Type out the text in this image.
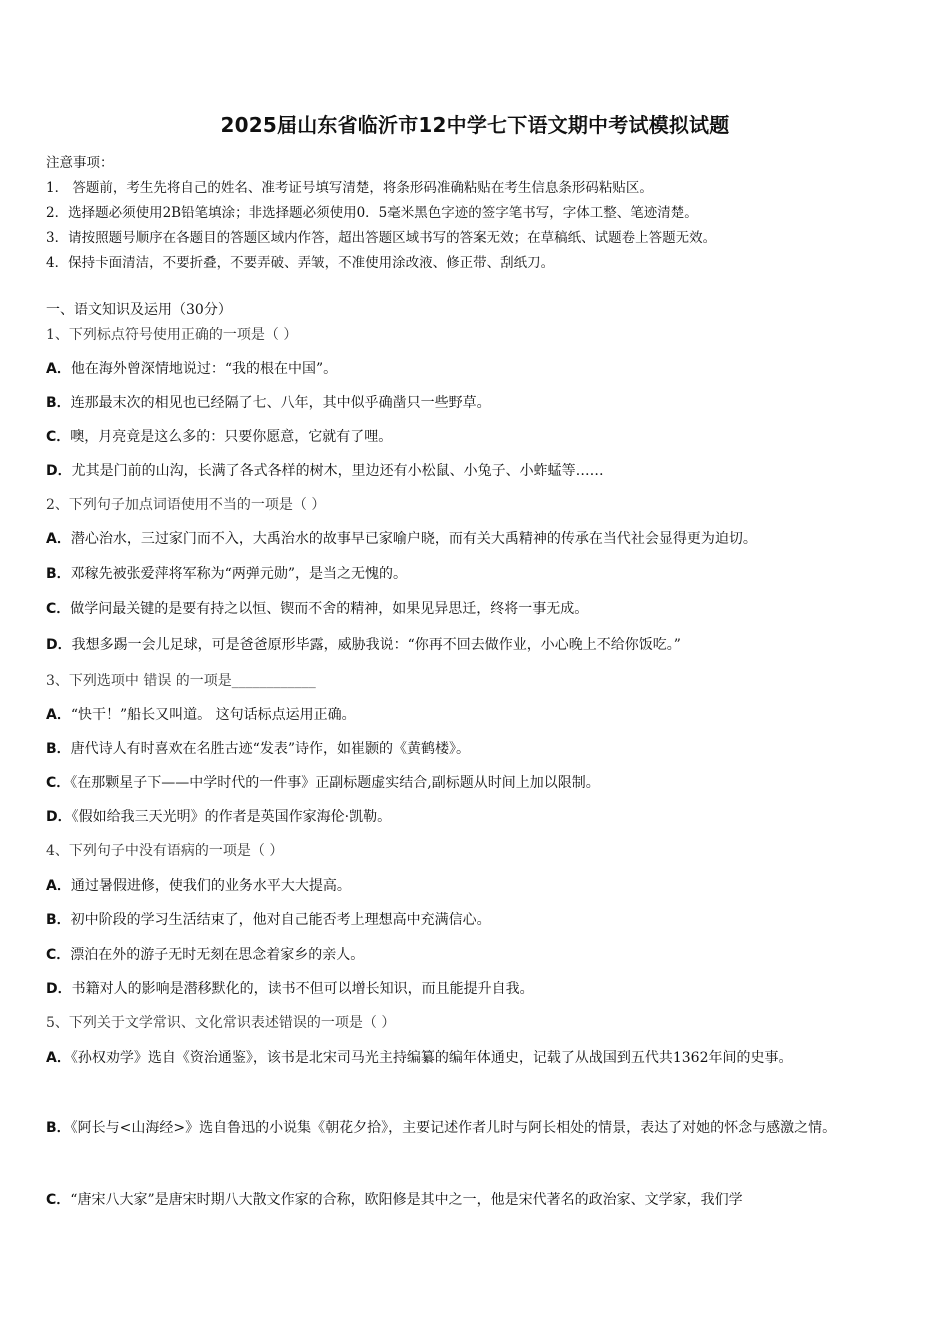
2025届山东省临沂市12中学七下语文期中考试模拟试题
注意事项：
1． 答题前，考生先将自己的姓名、准考证号填写清楚，将条形码准确粘贴在考生信息条形码粘贴区。
2．选择题必须使用2B铅笔填涂；非选择题必须使用0．5毫米黑色字迹的签字笔书写，字体工整、笔迹清楚。
3．请按照题号顺序在各题目的答题区域内作答，超出答题区域书写的答案无效；在草稿纸、试题卷上答题无效。
4．保持卡面清洁，不要折叠，不要弄破、弄皱，不准使用涂改液、修正带、刮纸刀。
一、语文知识及运用（30分）
1、下列标点符号使用正确的一项是（ ）
A．他在海外曾深情地说过：“我的根在中国”。
B．连那最末次的相见也已经隔了七、八年，其中似乎确凿只一些野草。
C．噢，月亮竟是这么多的：只要你愿意，它就有了哩。
D．尤其是门前的山沟，长满了各式各样的树木，里边还有小松鼠、小兔子、小蚱蜢等……
2、下列句子加点词语使用不当的一项是（ ）
A．潜心治水，三过家门而不入，大禹治水的故事早已家喻户晓，而有关大禹精神的传承在当代社会显得更为迫切。
B．邓稼先被张爱萍将军称为“两弹元勋”，是当之无愧的。
C．做学问最关键的是要有持之以恒、锲而不舍的精神，如果见异思迁，终将一事无成。
D．我想多踢一会儿足球，可是爸爸原形毕露，威胁我说：“你再不回去做作业，小心晚上不给你饭吃。”
3、下列选项中 错误 的一项是____________
A．“快干！”船长又叫道。 这句话标点运用正确。
B．唐代诗人有时喜欢在名胜古迹“发表”诗作，如崔颢的《黄鹤楼》。
C．《在那颗星子下——中学时代的一件事》正副标题虚实结合,副标题从时间上加以限制。
D．《假如给我三天光明》的作者是英国作家海伦·凯勒。
4、下列句子中没有语病的一项是（ ）
A．通过暑假进修，使我们的业务水平大大提高。
B．初中阶段的学习生活结束了，他对自己能否考上理想高中充满信心。
C．漂泊在外的游子无时无刻在思念着家乡的亲人。
D．书籍对人的影响是潜移默化的，读书不但可以增长知识，而且能提升自我。
5、下列关于文学常识、文化常识表述错误的一项是（ ）
A．《孙权劝学》选自《资治通鉴》，该书是北宋司马光主持编纂的编年体通史，记载了从战国到五代共1362年间的史事。
B．《阿长与<山海经>》选自鲁迅的小说集《朝花夕拾》，主要记述作者儿时与阿长相处的情景，表达了对她的怀念与感激之情。
C．“唐宋八大家”是唐宋时期八大散文作家的合称，欧阳修是其中之一，他是宋代著名的政治家、文学家，我们学
